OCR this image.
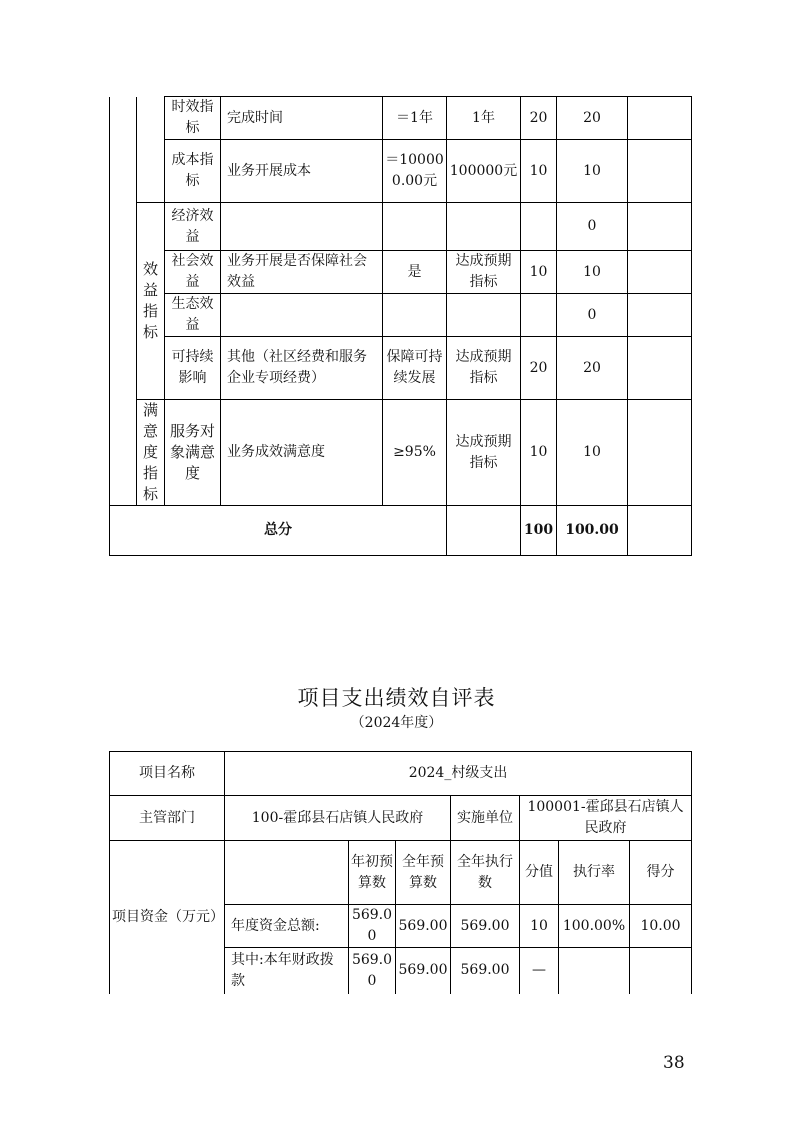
		时效指标	完成时间	＝1年	1年	20	20	
		成本指标	业务开展成本	＝100000.00元	100000元	10	10	
	效益指标	经济效益					0	
		社会效益	业务开展是否保障社会效益	是	达成预期指标	10	10	
		生态效益					0	
		可持续影响	其他（社区经费和服务企业专项经费）	保障可持续发展	达成预期指标	20	20	
	满意度指标	服务对象满意度	业务成效满意度	≥95%	达成预期指标	10	10	
总分						100	100.00	
项目支出绩效自评表
（2024年度）
项目名称	2024_村级支出						
主管部门	100-霍邱县石店镇人民政府			实施单位	100001-霍邱县石店镇人民政府		
项目资金（万元）		年初预算数	全年预算数	全年执行数	分值	执行率	得分
	年度资金总额:	569.00	569.00	569.00	10	100.00%	10.00
	其中:本年财政拨款	569.00	569.00	569.00	—		
38
